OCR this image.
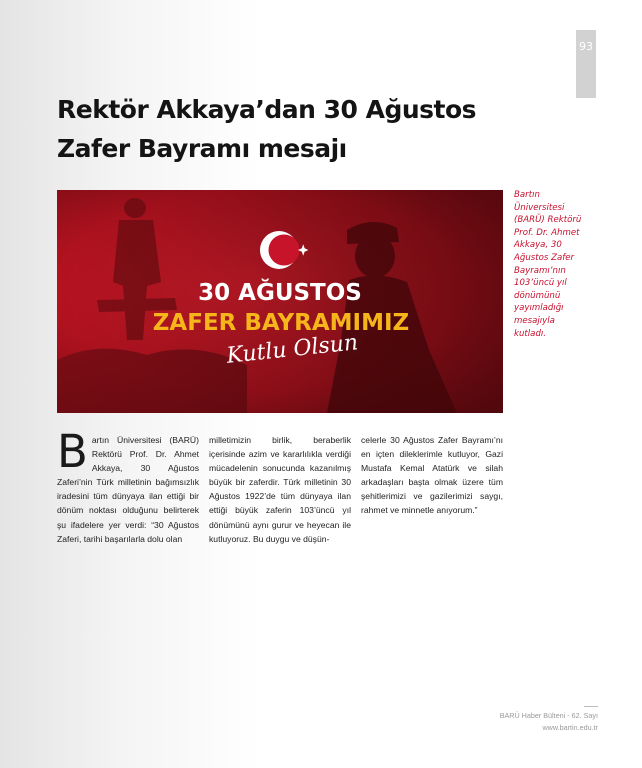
93
Rektör Akkaya’dan 30 Ağustos
Zafer Bayramı mesajı
30 AĞUSTOS
ZAFER BAYRAMIMIZ
Kutlu Olsun
Bartın Üniversitesi (BARÜ) Rektörü Prof. Dr. Ahmet Akkaya, 30 Ağustos Zafer Bayramı’nın 103’üncü yıl dönümünü yayımladığı mesajıyla kutladı.
Bartın Üniversitesi (BARÜ) Rektörü Prof. Dr. Ahmet Akkaya, 30 Ağustos Zaferi’nin Türk milletinin bağımsızlık iradesini tüm dünyaya ilan ettiği bir dönüm noktası olduğunu belirterek şu ifadelere yer verdi: “30 Ağustos Zaferi, tarihi başarılarla dolu olan
milletimizin birlik, beraberlik içerisinde azim ve kararlılıkla verdiği mücadelenin sonucunda kazanılmış büyük bir zaferdir. Türk milletinin 30 Ağustos 1922’de tüm dünyaya ilan ettiği büyük zaferin 103’üncü yıl dönümünü aynı gurur ve heyecan ile kutluyoruz. Bu duygu ve düşün-
celerle 30 Ağustos Zafer Bayramı’nı en içten dileklerimle kutluyor, Gazi Mustafa Kemal Atatürk ve silah arkadaşları başta olmak üzere tüm şehitlerimizi ve gazilerimizi saygı, rahmet ve minnetle anıyorum.”
BARÜ Haber Bülteni - 62. Sayı
www.bartin.edu.tr
